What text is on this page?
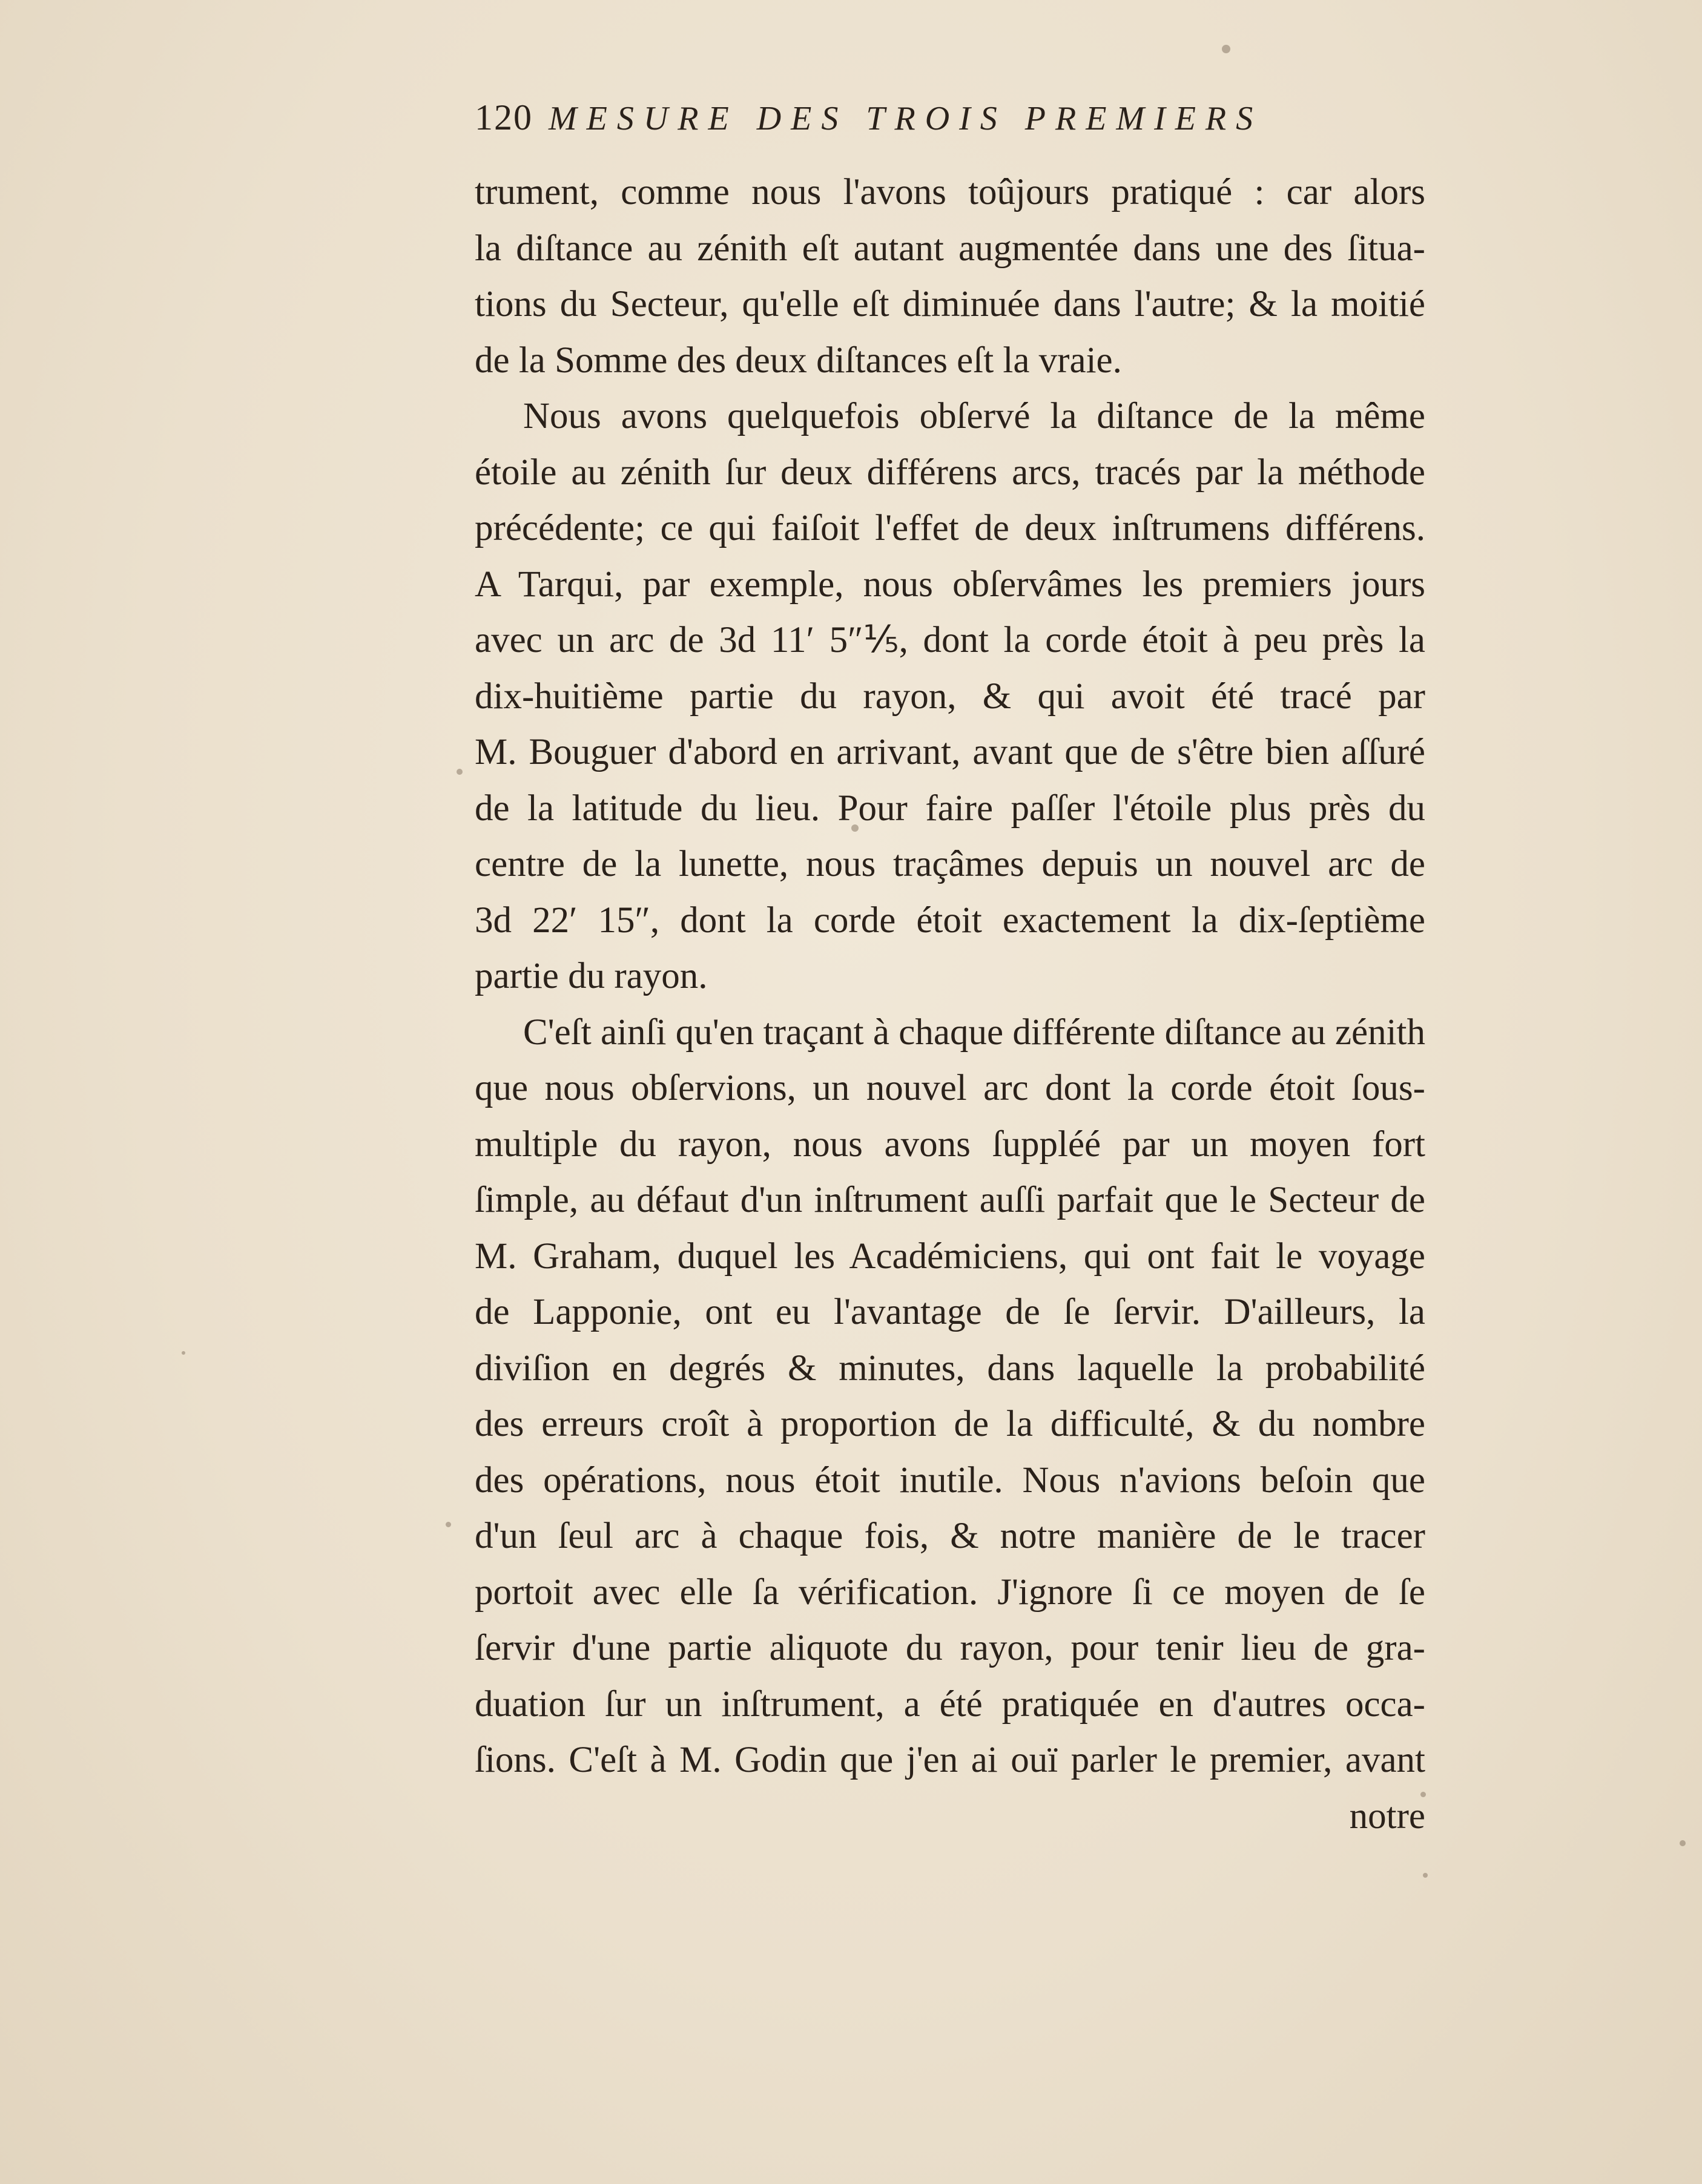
120 MESURE DES TROIS PREMIERS
trument, comme nous l'avons toûjours pratiqué : car alors
la diſtance au zénith eſt autant augmentée dans une des ſitua-
tions du Secteur, qu'elle eſt diminuée dans l'autre; & la moitié
de la Somme des deux diſtances eſt la vraie.
Nous avons quelquefois obſervé la diſtance de la même
étoile au zénith ſur deux différens arcs, tracés par la méthode
précédente; ce qui faiſoit l'effet de deux inſtrumens différens.
A Tarqui, par exemple, nous obſervâmes les premiers jours
avec un arc de 3d 11′ 5″⅕, dont la corde étoit à peu près la
dix-huitième partie du rayon, & qui avoit été tracé par
M. Bouguer d'abord en arrivant, avant que de s'être bien aſſuré
de la latitude du lieu. Pour faire paſſer l'étoile plus près du
centre de la lunette, nous traçâmes depuis un nouvel arc de
3d 22′ 15″, dont la corde étoit exactement la dix-ſeptième
partie du rayon.
C'eſt ainſi qu'en traçant à chaque différente diſtance au zénith
que nous obſervions, un nouvel arc dont la corde étoit ſous-
multiple du rayon, nous avons ſuppléé par un moyen fort
ſimple, au défaut d'un inſtrument auſſi parfait que le Secteur de
M. Graham, duquel les Académiciens, qui ont fait le voyage
de Lapponie, ont eu l'avantage de ſe ſervir. D'ailleurs, la
diviſion en degrés & minutes, dans laquelle la probabilité
des erreurs croît à proportion de la difficulté, & du nombre
des opérations, nous étoit inutile. Nous n'avions beſoin que
d'un ſeul arc à chaque fois, & notre manière de le tracer
portoit avec elle ſa vérification. J'ignore ſi ce moyen de ſe
ſervir d'une partie aliquote du rayon, pour tenir lieu de gra-
duation ſur un inſtrument, a été pratiquée en d'autres occa-
ſions. C'eſt à M. Godin que j'en ai ouï parler le premier, avant
notre
